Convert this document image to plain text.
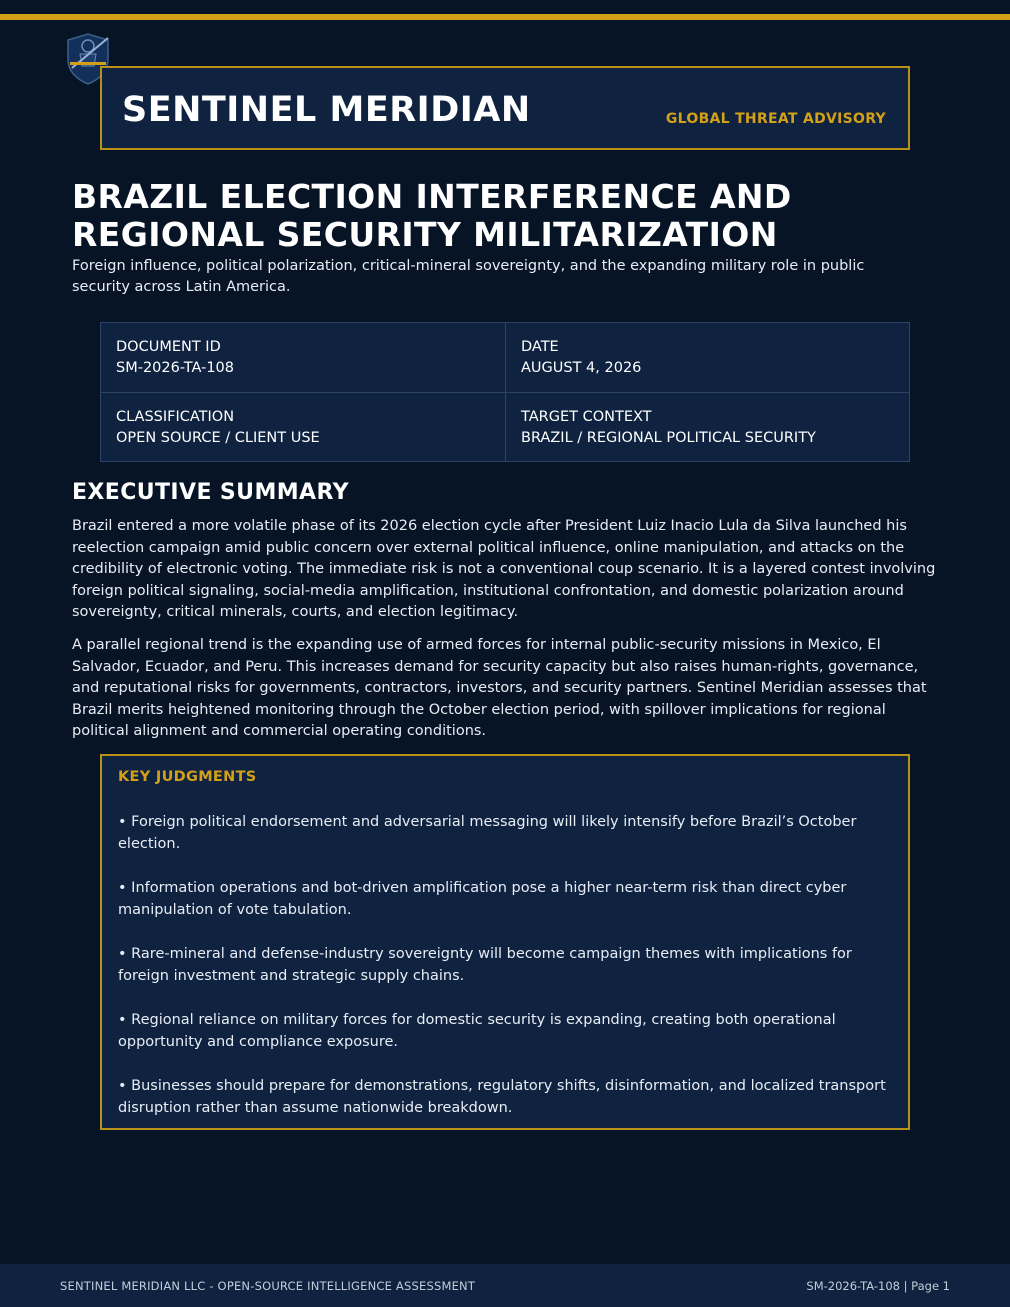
SENTINEL MERIDIAN	GLOBAL THREAT ADVISORY
BRAZIL ELECTION INTERFERENCE AND
REGIONAL SECURITY MILITARIZATION
Foreign influence, political polarization, critical-mineral sovereignty, and the expanding military role in public security across Latin America.
DOCUMENT ID
SM-2026-TA-108
DATE
AUGUST 4, 2026
CLASSIFICATION
OPEN SOURCE / CLIENT USE
TARGET CONTEXT
BRAZIL / REGIONAL POLITICAL SECURITY
EXECUTIVE SUMMARY

Brazil entered a more volatile phase of its 2026 election cycle after President Luiz Inacio Lula da Silva launched his reelection campaign amid public concern over external political influence, online manipulation, and attacks on the credibility of electronic voting. The immediate risk is not a conventional coup scenario. It is a layered contest involving foreign political signaling, social-media amplification, institutional confrontation, and domestic polarization around sovereignty, critical minerals, courts, and election legitimacy.

A parallel regional trend is the expanding use of armed forces for internal public-security missions in Mexico, El Salvador, Ecuador, and Peru. This increases demand for security capacity but also raises human-rights, governance, and reputational risks for governments, contractors, investors, and security partners. Sentinel Meridian assesses that Brazil merits heightened monitoring through the October election period, with spillover implications for regional political alignment and commercial operating conditions.

KEY JUDGMENTS
• Foreign political endorsement and adversarial messaging will likely intensify before Brazil’s October election.
• Information operations and bot-driven amplification pose a higher near-term risk than direct cyber manipulation of vote tabulation.
• Rare-mineral and defense-industry sovereignty will become campaign themes with implications for foreign investment and strategic supply chains.
• Regional reliance on military forces for domestic security is expanding, creating both operational opportunity and compliance exposure.
• Businesses should prepare for demonstrations, regulatory shifts, disinformation, and localized transport disruption rather than assume nationwide breakdown.
SENTINEL MERIDIAN LLC - OPEN-SOURCE INTELLIGENCE ASSESSMENT	SM-2026-TA-108 | Page 1
